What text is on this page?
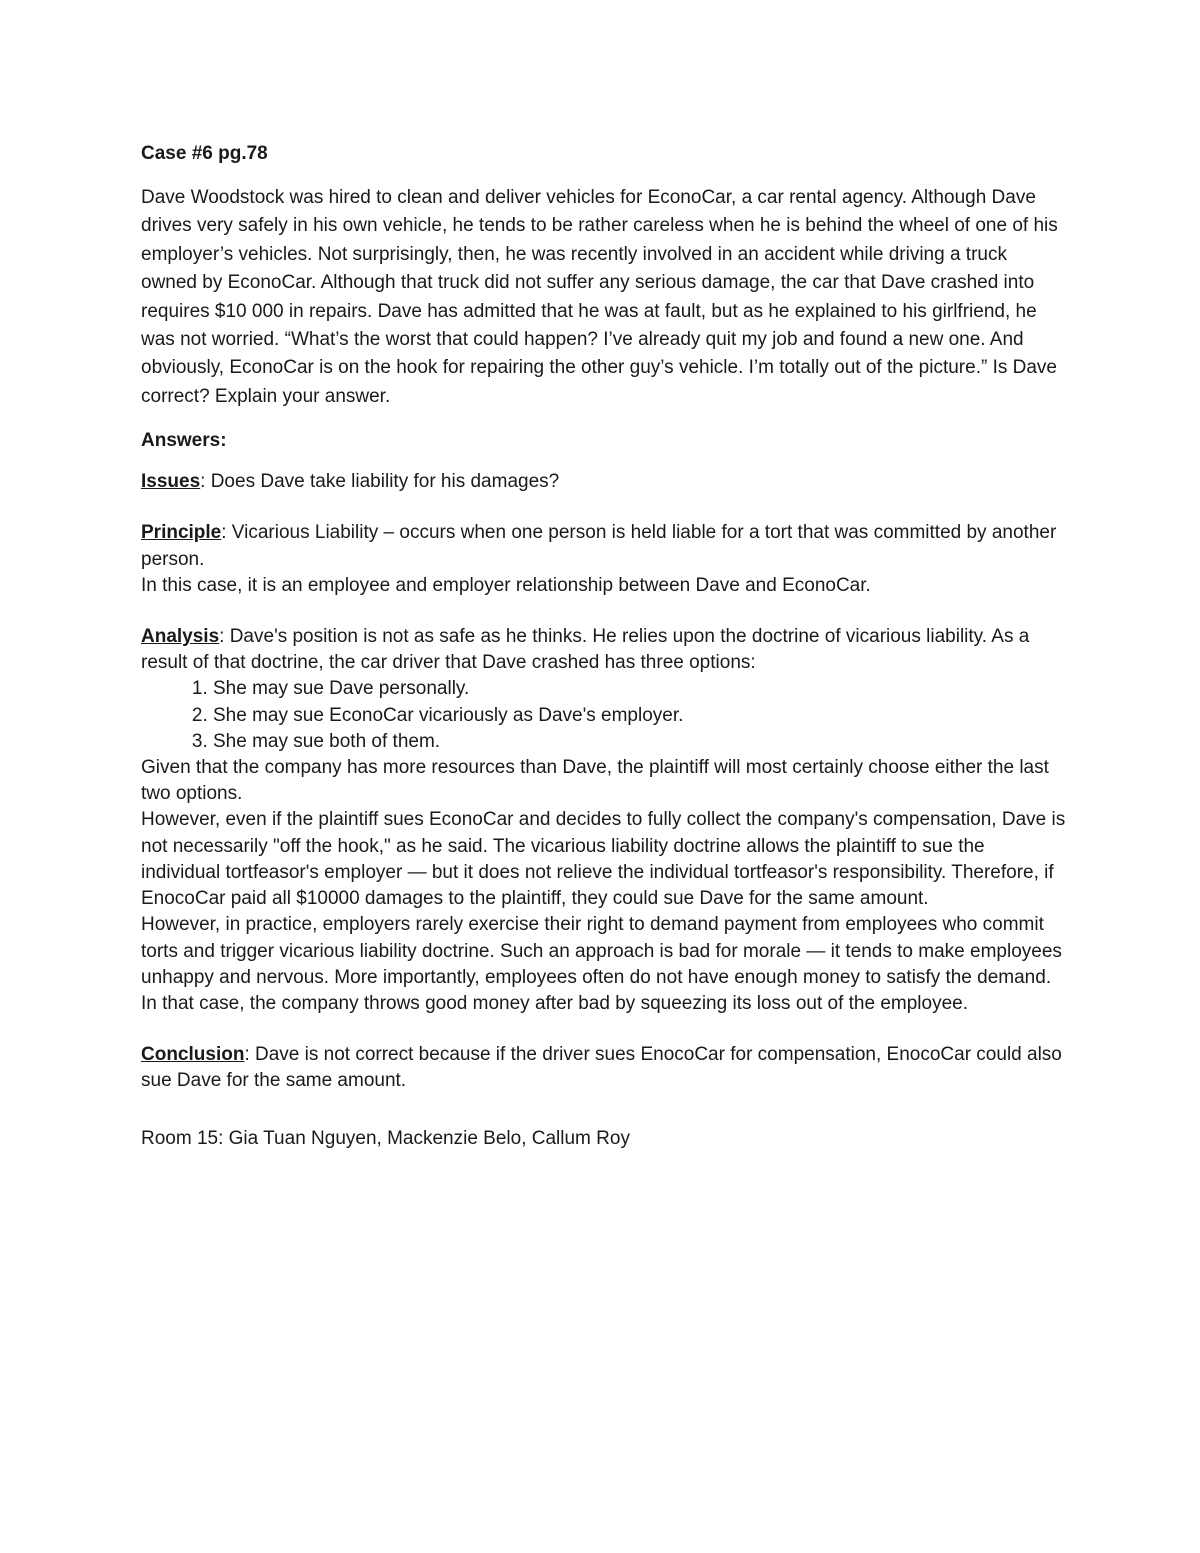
Case #6 pg.78

Dave Woodstock was hired to clean and deliver vehicles for EconoCar, a car rental agency. Although Dave drives very safely in his own vehicle, he tends to be rather careless when he is behind the wheel of one of his employer’s vehicles. Not surprisingly, then, he was recently involved in an accident while driving a truck owned by EconoCar. Although that truck did not suffer any serious damage, the car that Dave crashed into requires $10 000 in repairs. Dave has admitted that he was at fault, but as he explained to his girlfriend, he was not worried. “What’s the worst that could happen? I’ve already quit my job and found a new one. And obviously, EconoCar is on the hook for repairing the other guy’s vehicle. I’m totally out of the picture.” Is Dave correct? Explain your answer.

Answers:

Issues: Does Dave take liability for his damages?

Principle: Vicarious Liability – occurs when one person is held liable for a tort that was committed by another person.

In this case, it is an employee and employer relationship between Dave and EconoCar.

Analysis: Dave's position is not as safe as he thinks. He relies upon the doctrine of vicarious liability. As a result of that doctrine, the car driver that Dave crashed has three options:

1. She may sue Dave personally.
2. She may sue EconoCar vicariously as Dave's employer.
3. She may sue both of them.

Given that the company has more resources than Dave, the plaintiff will most certainly choose either the last two options.

However, even if the plaintiff sues EconoCar and decides to fully collect the company's compensation, Dave is not necessarily "off the hook," as he said. The vicarious liability doctrine allows the plaintiff to sue the individual tortfeasor's employer — but it does not relieve the individual tortfeasor's responsibility. Therefore, if EnocoCar paid all $10000 damages to the plaintiff, they could sue Dave for the same amount.

However, in practice, employers rarely exercise their right to demand payment from employees who commit torts and trigger vicarious liability doctrine. Such an approach is bad for morale — it tends to make employees unhappy and nervous. More importantly, employees often do not have enough money to satisfy the demand. In that case, the company throws good money after bad by squeezing its loss out of the employee.

Conclusion: Dave is not correct because if the driver sues EnocoCar for compensation, EnocoCar could also sue Dave for the same amount.

Room 15: Gia Tuan Nguyen, Mackenzie Belo, Callum Roy
